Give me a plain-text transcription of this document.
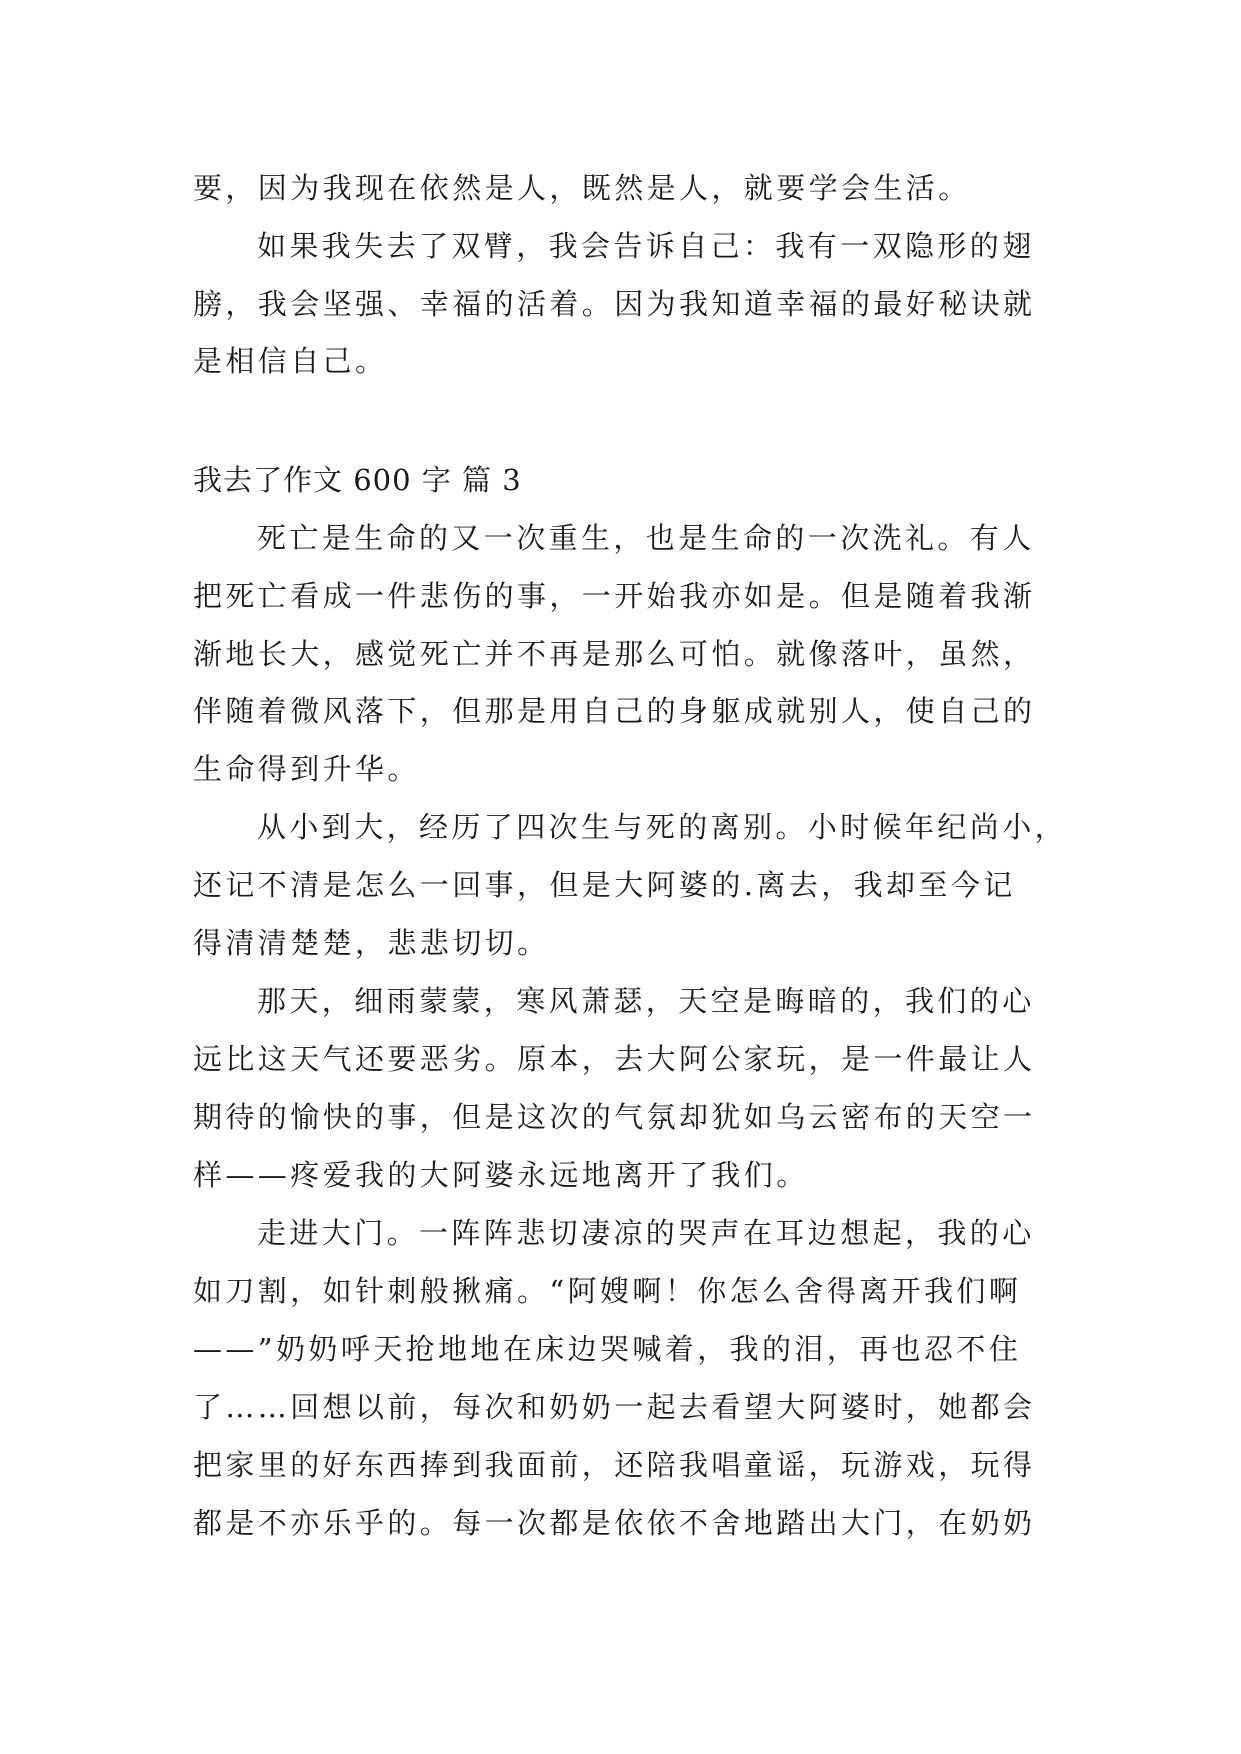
要，因为我现在依然是人，既然是人，就要学会生活。
如果我失去了双臂，我会告诉自己：我有一双隐形的翅
膀，我会坚强、幸福的活着。因为我知道幸福的最好秘诀就
是相信自己。
我去了作文 600 字 篇 3
死亡是生命的又一次重生，也是生命的一次洗礼。有人
把死亡看成一件悲伤的事，一开始我亦如是。但是随着我渐
渐地长大，感觉死亡并不再是那么可怕。就像落叶，虽然，
伴随着微风落下，但那是用自己的身躯成就别人，使自己的
生命得到升华。
从小到大，经历了四次生与死的离别。小时候年纪尚小，
还记不清是怎么一回事，但是大阿婆的.离去，我却至今记
得清清楚楚，悲悲切切。
那天，细雨蒙蒙，寒风萧瑟，天空是晦暗的，我们的心
远比这天气还要恶劣。原本，去大阿公家玩，是一件最让人
期待的愉快的事，但是这次的气氛却犹如乌云密布的天空一
样——疼爱我的大阿婆永远地离开了我们。
走进大门。一阵阵悲切凄凉的哭声在耳边想起，我的心
如刀割，如针刺般揪痛。“阿嫂啊！你怎么舍得离开我们啊
——”奶奶呼天抢地地在床边哭喊着，我的泪，再也忍不住
了……回想以前，每次和奶奶一起去看望大阿婆时，她都会
把家里的好东西捧到我面前，还陪我唱童谣，玩游戏，玩得
都是不亦乐乎的。每一次都是依依不舍地踏出大门，在奶奶
